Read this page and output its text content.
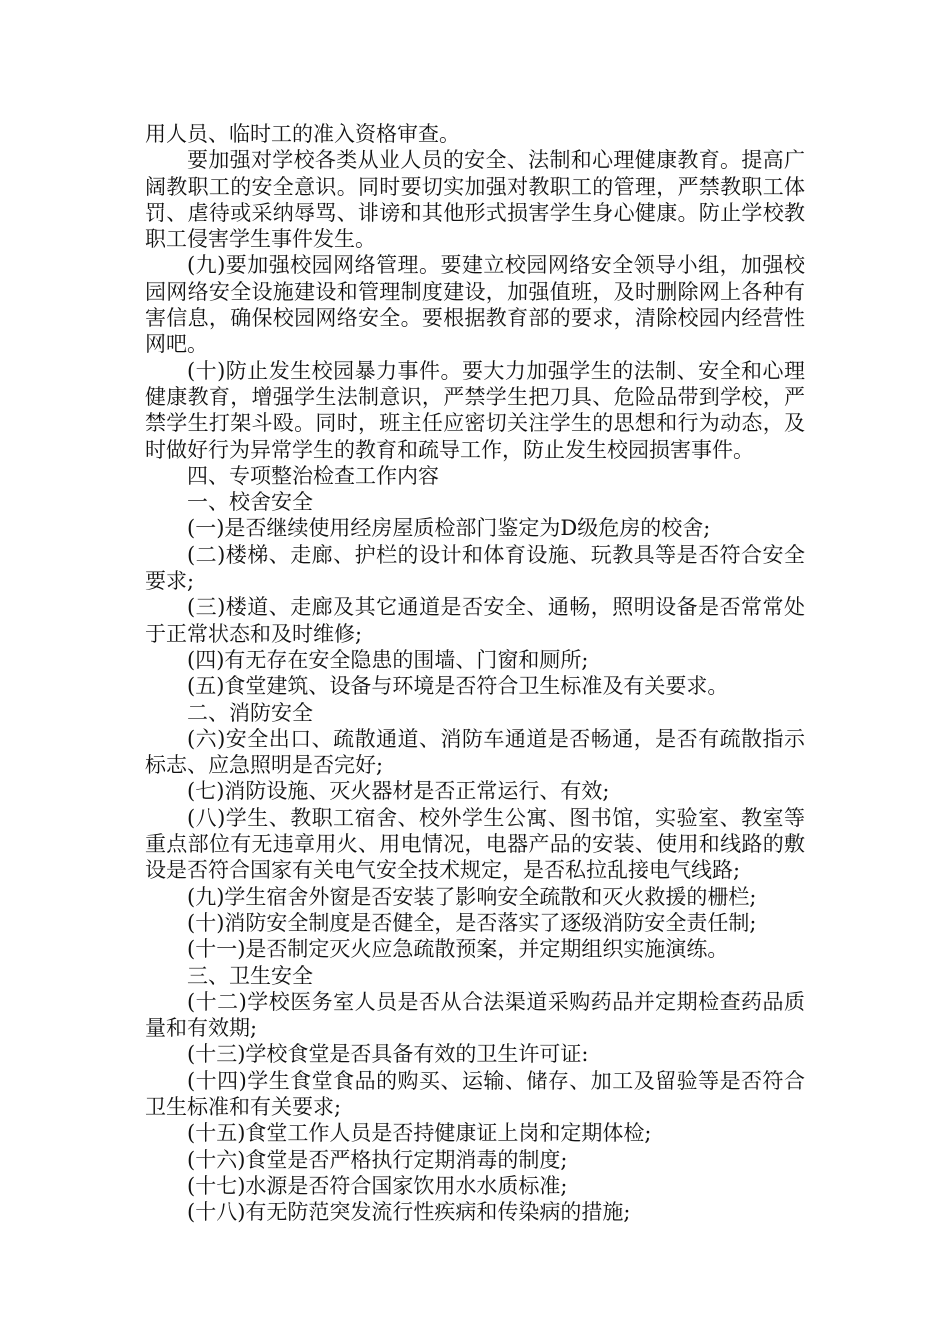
用人员、临时工的准入资格审查。

要加强对学校各类从业人员的安全、法制和心理健康教育。提高广阔教职工的安全意识。同时要切实加强对教职工的管理，严禁教职工体罚、虐待或采纳辱骂、诽谤和其他形式损害学生身心健康。防止学校教职工侵害学生事件发生。

(九)要加强校园网络管理。要建立校园网络安全领导小组，加强校园网络安全设施建设和管理制度建设，加强值班，及时删除网上各种有害信息，确保校园网络安全。要根据教育部的要求，清除校园内经营性网吧。

(十)防止发生校园暴力事件。要大力加强学生的法制、安全和心理健康教育，增强学生法制意识，严禁学生把刀具、危险品带到学校，严禁学生打架斗殴。同时，班主任应密切关注学生的思想和行为动态，及时做好行为异常学生的教育和疏导工作，防止发生校园损害事件。

四、专项整治检查工作内容

一、校舍安全

(一)是否继续使用经房屋质检部门鉴定为D级危房的校舍;

(二)楼梯、走廊、护栏的设计和体育设施、玩教具等是否符合安全要求;

(三)楼道、走廊及其它通道是否安全、通畅，照明设备是否常常处于正常状态和及时维修;

(四)有无存在安全隐患的围墙、门窗和厕所;

(五)食堂建筑、设备与环境是否符合卫生标准及有关要求。

二、消防安全

(六)安全出口、疏散通道、消防车通道是否畅通，是否有疏散指示标志、应急照明是否完好;

(七)消防设施、灭火器材是否正常运行、有效;

(八)学生、教职工宿舍、校外学生公寓、图书馆，实验室、教室等重点部位有无违章用火、用电情况，电器产品的安装、使用和线路的敷设是否符合国家有关电气安全技术规定，是否私拉乱接电气线路;

(九)学生宿舍外窗是否安装了影响安全疏散和灭火救援的栅栏;

(十)消防安全制度是否健全，是否落实了逐级消防安全责任制;

(十一)是否制定灭火应急疏散预案，并定期组织实施演练。

三、卫生安全

(十二)学校医务室人员是否从合法渠道采购药品并定期检查药品质量和有效期;

(十三)学校食堂是否具备有效的卫生许可证:

(十四)学生食堂食品的购买、运输、储存、加工及留验等是否符合卫生标准和有关要求;

(十五)食堂工作人员是否持健康证上岗和定期体检;

(十六)食堂是否严格执行定期消毒的制度;

(十七)水源是否符合国家饮用水水质标准;

(十八)有无防范突发流行性疾病和传染病的措施;
